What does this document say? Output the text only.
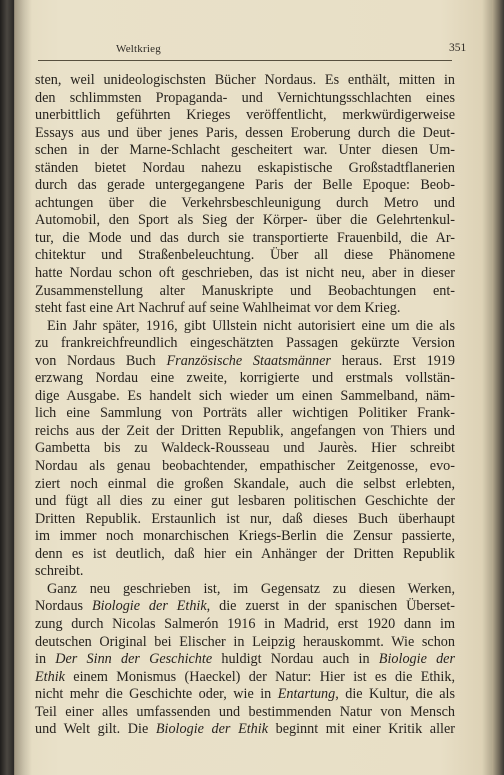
Weltkrieg	351
sten, weil unideologischsten Bücher Nordaus. Es enthält, mitten in
den schlimmsten Propaganda- und Vernichtungsschlachten eines
unerbittlich geführten Krieges veröffentlicht, merkwürdigerweise
Essays aus und über jenes Paris, dessen Eroberung durch die Deut-
schen in der Marne-Schlacht gescheitert war. Unter diesen Um-
ständen bietet Nordau nahezu eskapistische Großstadtflanerien
durch das gerade untergegangene Paris der Belle Epoque: Beob-
achtungen über die Verkehrsbeschleunigung durch Metro und
Automobil, den Sport als Sieg der Körper- über die Gelehrtenkul-
tur, die Mode und das durch sie transportierte Frauenbild, die Ar-
chitektur und Straßenbeleuchtung. Über all diese Phänomene
hatte Nordau schon oft geschrieben, das ist nicht neu, aber in dieser
Zusammenstellung alter Manuskripte und Beobachtungen ent-
steht fast eine Art Nachruf auf seine Wahlheimat vor dem Krieg.
Ein Jahr später, 1916, gibt Ullstein nicht autorisiert eine um die als
zu frankreichfreundlich eingeschätzten Passagen gekürzte Version
von Nordaus Buch Französische Staatsmänner heraus. Erst 1919
erzwang Nordau eine zweite, korrigierte und erstmals vollstän-
dige Ausgabe. Es handelt sich wieder um einen Sammelband, näm-
lich eine Sammlung von Porträts aller wichtigen Politiker Frank-
reichs aus der Zeit der Dritten Republik, angefangen von Thiers und
Gambetta bis zu Waldeck-Rousseau und Jaurès. Hier schreibt
Nordau als genau beobachtender, empathischer Zeitgenosse, evo-
ziert noch einmal die großen Skandale, auch die selbst erlebten,
und fügt all dies zu einer gut lesbaren politischen Geschichte der
Dritten Republik. Erstaunlich ist nur, daß dieses Buch überhaupt
im immer noch monarchischen Kriegs-Berlin die Zensur passierte,
denn es ist deutlich, daß hier ein Anhänger der Dritten Republik
schreibt.
Ganz neu geschrieben ist, im Gegensatz zu diesen Werken,
Nordaus Biologie der Ethik, die zuerst in der spanischen Überset-
zung durch Nicolas Salmerón 1916 in Madrid, erst 1920 dann im
deutschen Original bei Elischer in Leipzig herauskommt. Wie schon
in Der Sinn der Geschichte huldigt Nordau auch in Biologie der
Ethik einem Monismus (Haeckel) der Natur: Hier ist es die Ethik,
nicht mehr die Geschichte oder, wie in Entartung, die Kultur, die als
Teil einer alles umfassenden und bestimmenden Natur von Mensch
und Welt gilt. Die Biologie der Ethik beginnt mit einer Kritik aller
